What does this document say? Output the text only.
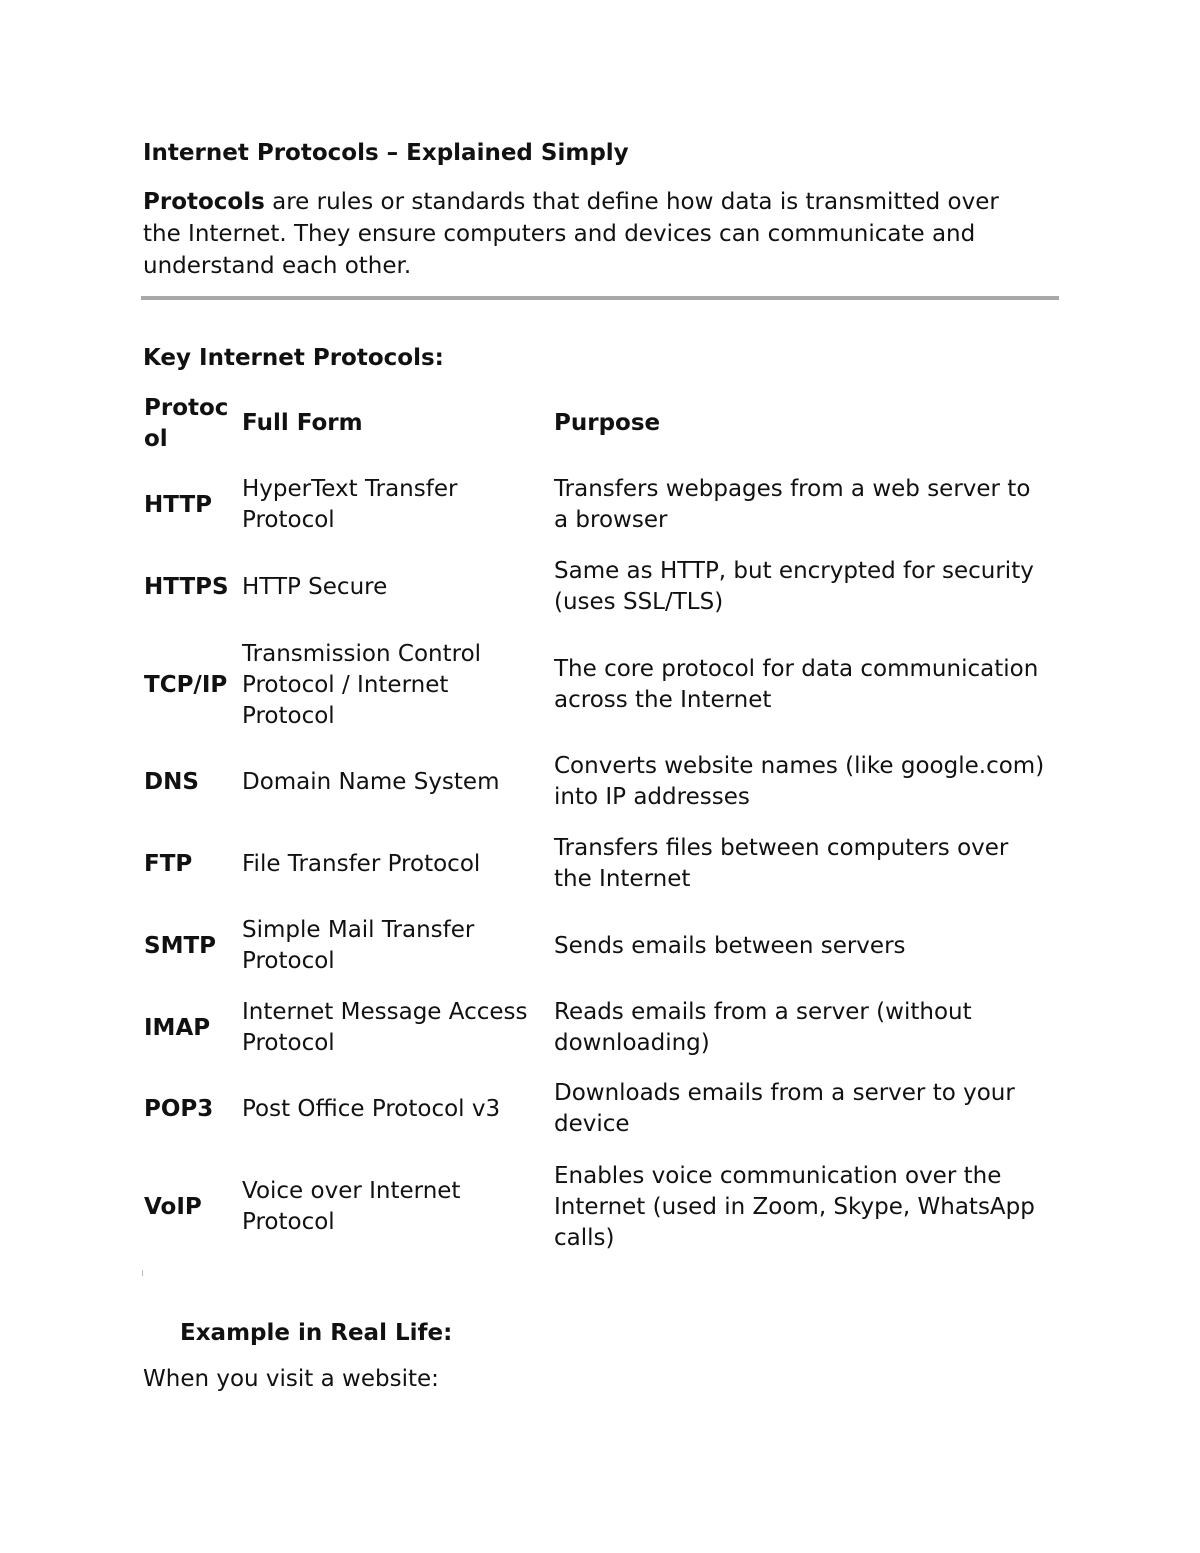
Internet Protocols – Explained Simply
Protocols are rules or standards that define how data is transmitted over
the Internet. They ensure computers and devices can communicate and
understand each other.
Key Internet Protocols:
Protoc
ol
Full Form	Purpose
HTTP
HyperText Transfer
Protocol
Transfers webpages from a web server to
a browser
HTTPS HTTP Secure
Same as HTTP, but encrypted for security
(uses SSL/TLS)
TCP/IP
Transmission Control
Protocol / Internet
Protocol
The core protocol for data communication
across the Internet
DNS Domain Name System
Converts website names (like google.com)
into IP addresses
FTP File Transfer Protocol
Transfers files between computers over
the Internet
SMTP
Simple Mail Transfer
Protocol
Sends emails between servers
IMAP
Internet Message Access
Protocol
Reads emails from a server (without
downloading)
POP3 Post Office Protocol v3
Downloads emails from a server to your
device
VoIP
Voice over Internet
Protocol
Enables voice communication over the
Internet (used in Zoom, Skype, WhatsApp
calls)
Example in Real Life:
When you visit a website:
